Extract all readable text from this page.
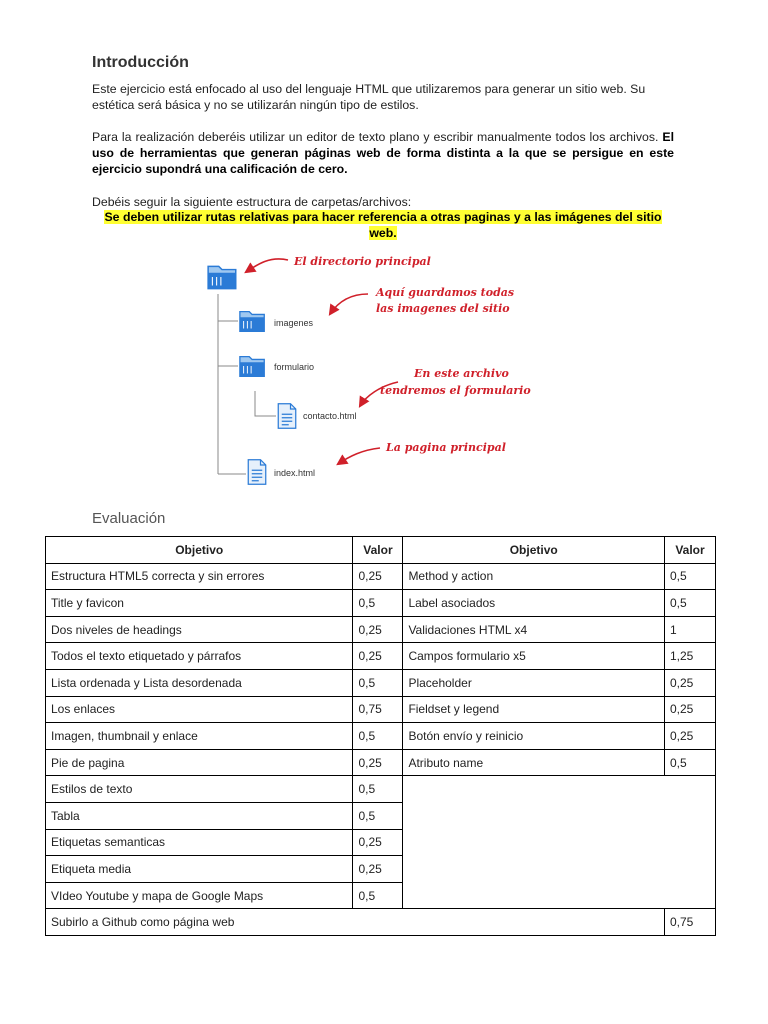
Introducción
Este ejercicio está enfocado al uso del lenguaje HTML que utilizaremos para generar un sitio web. Su estética será básica y no se utilizarán ningún tipo de estilos.
Para la realización deberéis utilizar un editor de texto plano y escribir manualmente todos los archivos. El uso de herramientas que generan páginas web de forma distinta a la que se persigue en este ejercicio supondrá una calificación de cero.
Debéis seguir la siguiente estructura de carpetas/archivos:
Se deben utilizar rutas relativas para hacer referencia a otras paginas y a las imágenes del sitio web.
imagenes
formulario
contacto.html
index.html
El directorio principal
Aquí guardamos todas
las imagenes del sitio
En este archivo
tendremos el formulario
La pagina principal
Evaluación
Objetivo	Valor	Objetivo	Valor
Estructura HTML5 correcta y sin errores	0,25	Method y action	0,5
Title y favicon	0,5	Label asociados	0,5
Dos niveles de headings	0,25	Validaciones HTML x4	1
Todos el texto etiquetado y párrafos	0,25	Campos formulario x5	1,25
Lista ordenada y Lista desordenada	0,5	Placeholder	0,25
Los enlaces	0,75	Fieldset y legend	0,25
Imagen, thumbnail y enlace	0,5	Botón envío y reinicio	0,25
Pie de pagina	0,25	Atributo name	0,5
Estilos de texto	0,5		
Tabla	0,5		
Etiquetas semanticas	0,25		
Etiqueta media	0,25		
VIdeo Youtube y mapa de Google Maps	0,5		
Subirlo a Github como página web			0,75
